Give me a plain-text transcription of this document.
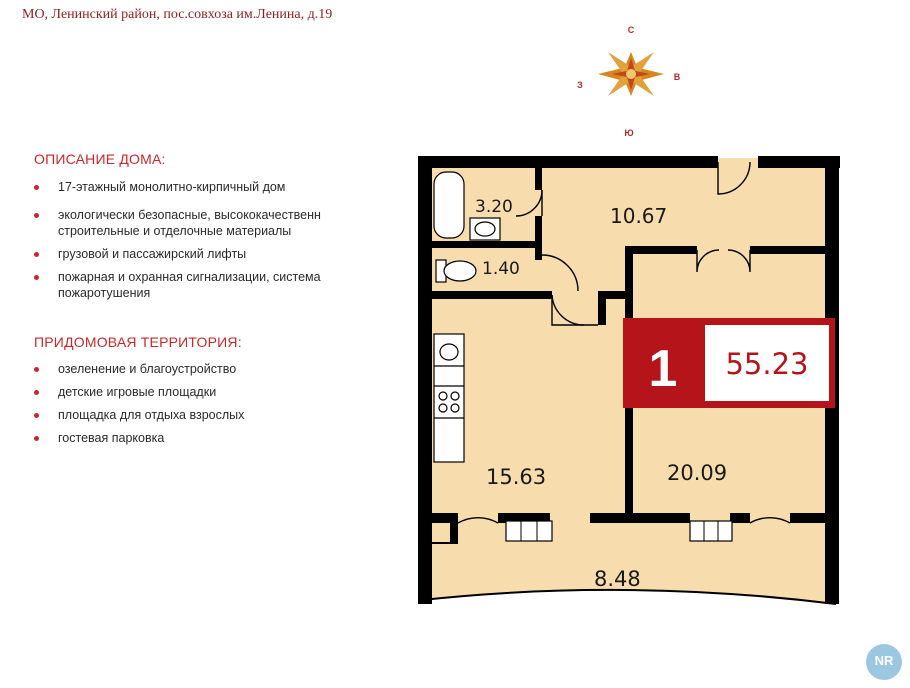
МО, Ленинский район, пос.совхоза им.Ленина, д.19
ОПИСАНИЕ ДОМА:
17-этажный монолитно-кирпичный дом
экологически безопасные, высококачественн строительные и отделочные материалы
грузовой и пассажирский лифты
пожарная и охранная сигнализации, система пожаротушения
ПРИДОМОВАЯ ТЕРРИТОРИЯ:
озеленение и благоустройство
детские игровые площадки
площадка для отдыха взрослых
гостевая парковка
С
З
В
Ю
3.20	10.67
1.40
15.63	20.09
8.48
1 55.23
NR
